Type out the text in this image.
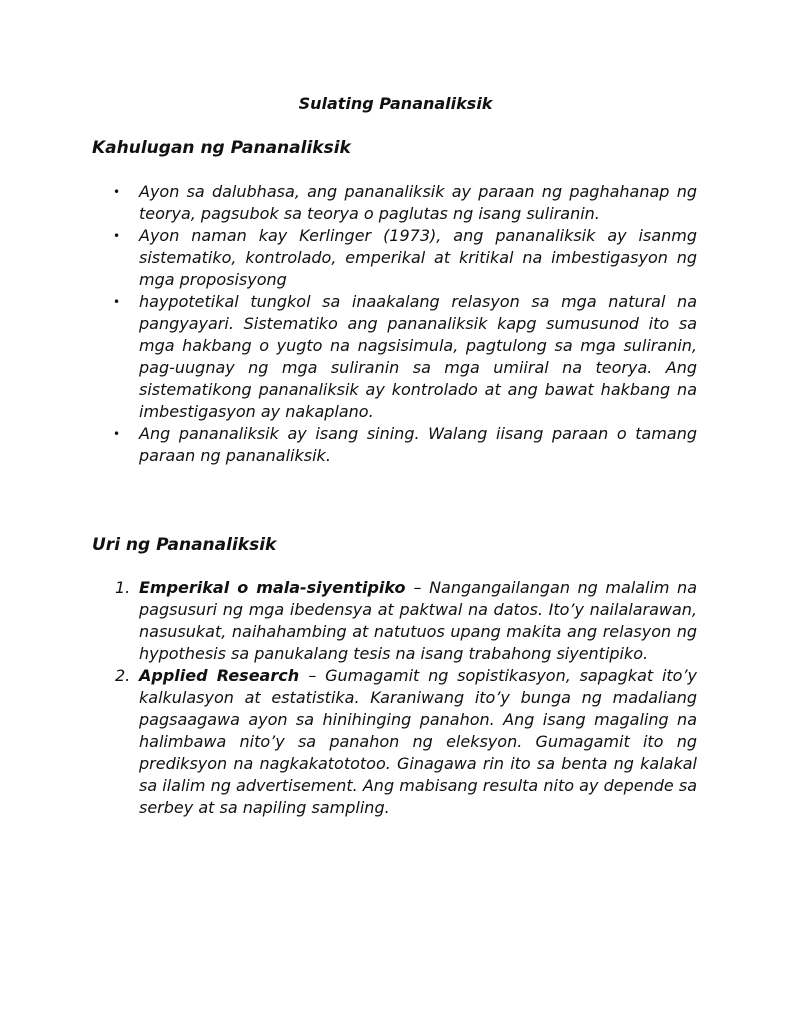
Sulating Pananaliksik
Kahulugan ng Pananaliksik
• Ayon sa dalubhasa, ang pananaliksik ay paraan ng paghahanap ng teorya, pagsubok sa teorya o paglutas ng isang suliranin.
• Ayon naman kay Kerlinger (1973), ang pananaliksik ay isanmg sistematiko, kontrolado, emperikal at kritikal na imbestigasyon ng mga proposisyong
• haypotetikal tungkol sa inaakalang relasyon sa mga natural na pangyayari. Sistematiko ang pananaliksik kapg sumusunod ito sa mga hakbang o yugto na nagsisimula, pagtulong sa mga suliranin, pag-uugnay ng mga suliranin sa mga umiiral na teorya. Ang sistematikong pananaliksik ay kontrolado at ang bawat hakbang na imbestigasyon ay nakaplano.
• Ang pananaliksik ay isang sining. Walang iisang paraan o tamang paraan ng pananaliksik.
Uri ng Pananaliksik
1. Emperikal o mala-siyentipiko – Nangangailangan ng malalim na pagsusuri ng mga ibedensya at paktwal na datos. Ito’y nailalarawan, nasusukat, naihahambing at natutuos upang makita ang relasyon ng hypothesis sa panukalang tesis na isang trabahong siyentipiko.
2. Applied Research – Gumagamit ng sopistikasyon, sapagkat ito’y kalkulasyon at estatistika. Karaniwang ito’y bunga ng madaliang pagsaagawa ayon sa hinihinging panahon. Ang isang magaling na halimbawa nito’y sa panahon ng eleksyon. Gumagamit ito ng prediksyon na nagkakatototoo. Ginagawa rin ito sa benta ng kalakal sa ilalim ng advertisement. Ang mabisang resulta nito ay depende sa serbey at sa napiling sampling.
